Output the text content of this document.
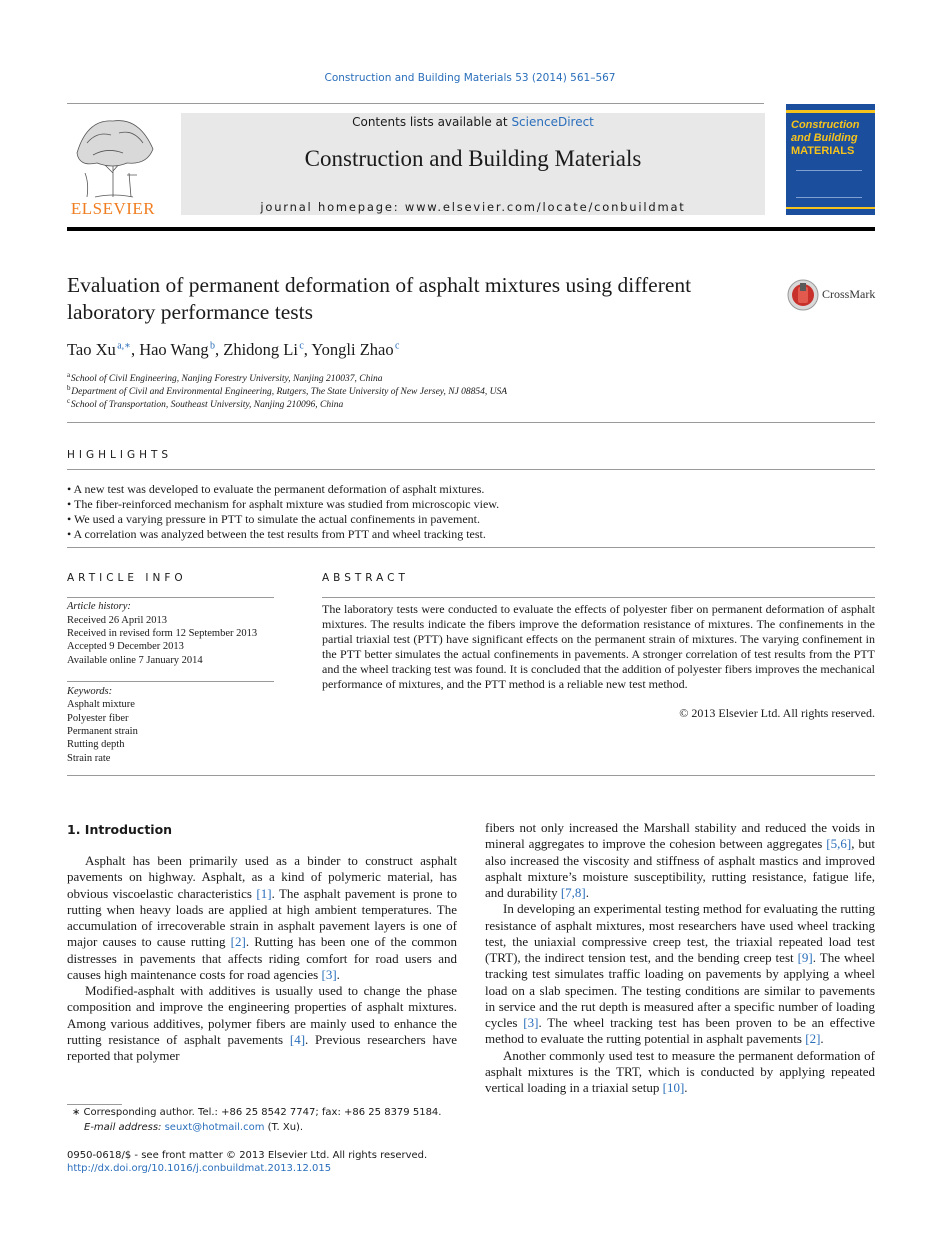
Construction and Building Materials 53 (2014) 561–567
ELSEVIER
Contents lists available at ScienceDirect
Construction and Building Materials
journal homepage: www.elsevier.com/locate/conbuildmat
Construction
and Building
MATERIALS
Evaluation of permanent deformation of asphalt mixtures using different laboratory performance tests
CrossMark
Tao Xu $^{a,∗}$, Hao Wang $^b$, Zhidong Li $^c$, Yongli Zhao $^c$
$^a$ School of Civil Engineering, Nanjing Forestry University, Nanjing 210037, China
$^b$ Department of Civil and Environmental Engineering, Rutgers, The State University of New Jersey, NJ 08854, USA
$^c$ School of Transportation, Southeast University, Nanjing 210096, China
HIGHLIGHTS
• A new test was developed to evaluate the permanent deformation of asphalt mixtures.
• The fiber-reinforced mechanism for asphalt mixture was studied from microscopic view.
• We used a varying pressure in PTT to simulate the actual confinements in pavement.
• A correlation was analyzed between the test results from PTT and wheel tracking test.
ARTICLE INFO
Article history:
Received 26 April 2013
Received in revised form 12 September 2013
Accepted 9 December 2013
Available online 7 January 2014
Keywords:
Asphalt mixture
Polyester fiber
Permanent strain
Rutting depth
Strain rate
ABSTRACT
The laboratory tests were conducted to evaluate the effects of polyester fiber on permanent deformation of asphalt mixtures. The results indicate the fibers improve the deformation resistance of mixtures. The confinements in the partial triaxial test (PTT) have significant effects on the permanent strain of mixtures. The varying confinement in the PTT better simulates the actual confinements in pavements. A stronger correlation of test results from the PTT and the wheel tracking test was found. It is concluded that the addition of polyester fibers improves the mechanical performance of mixtures, and the PTT method is a reliable new test method.
© 2013 Elsevier Ltd. All rights reserved.
1. Introduction

Asphalt has been primarily used as a binder to construct asphalt pavements on highway. Asphalt, as a kind of polymeric material, has obvious viscoelastic characteristics [1]. The asphalt pavement is prone to rutting when heavy loads are applied at high ambient temperatures. The accumulation of irrecoverable strain in asphalt pavement layers is one of major causes to cause rutting [2]. Rutting has been one of the common distresses in pavements that affects riding comfort for road users and causes high maintenance costs for road agencies [3].

Modified-asphalt with additives is usually used to change the phase composition and improve the engineering properties of asphalt mixtures. Among various additives, polymer fibers are mainly used to enhance the rutting resistance of asphalt pavements [4]. Previous researchers have reported that polymer

fibers not only increased the Marshall stability and reduced the voids in mineral aggregates to improve the cohesion between aggregates [5,6], but also increased the viscosity and stiffness of asphalt mastics and improved asphalt mixture’s moisture susceptibility, rutting resistance, fatigue life, and durability [7,8].

In developing an experimental testing method for evaluating the rutting resistance of asphalt mixtures, most researchers have used wheel tracking test, the uniaxial compressive creep test, the triaxial repeated load test (TRT), the indirect tension test, and the bending creep test [9]. The wheel tracking test simulates traffic loading on pavements by applying a wheel load on a slab specimen. The testing conditions are similar to pavements in service and the rut depth is measured after a specific number of loading cycles [3]. The wheel tracking test has been proven to be an effective method to evaluate the rutting potential in asphalt pavements [2].

Another commonly used test to measure the permanent deformation of asphalt mixtures is the TRT, which is conducted by applying repeated vertical loading in a triaxial setup [10].

∗ Corresponding author. Tel.: +86 25 8542 7747; fax: +86 25 8379 5184.
E-mail address: seuxt@hotmail.com (T. Xu).
0950-0618/$ - see front matter © 2013 Elsevier Ltd. All rights reserved.
http://dx.doi.org/10.1016/j.conbuildmat.2013.12.015
